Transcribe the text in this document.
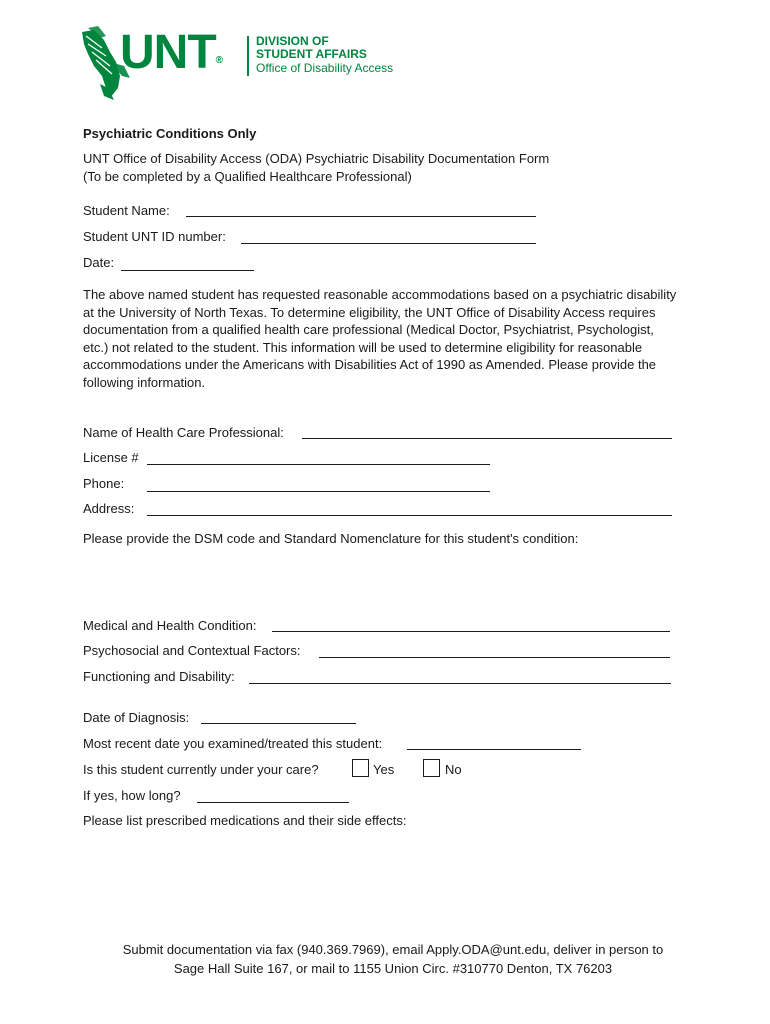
UNT®
DIVISION OF
STUDENT AFFAIRS
Office of Disability Access
Psychiatric Conditions Only
UNT Office of Disability Access (ODA) Psychiatric Disability Documentation Form
(To be completed by a Qualified Healthcare Professional)
Student Name:
Student UNT ID number:
Date:
The above named student has requested reasonable accommodations based on a psychiatric disability at the University of North Texas. To determine eligibility, the UNT Office of Disability Access requires documentation from a qualified health care professional (Medical Doctor, Psychiatrist, Psychologist, etc.) not related to the student. This information will be used to determine eligibility for reasonable accommodations under the Americans with Disabilities Act of 1990 as Amended. Please provide the following information.
Name of Health Care Professional:
License #
Phone:
Address:
Please provide the DSM code and Standard Nomenclature for this student's condition:
Medical and Health Condition:
Psychosocial and Contextual Factors:
Functioning and Disability:
Date of Diagnosis:
Most recent date you examined/treated this student:
Is this student currently under your care?	Yes	No
If yes, how long?
Please list prescribed medications and their side effects:
Submit documentation via fax (940.369.7969), email Apply.ODA@unt.edu, deliver in person to
Sage Hall Suite 167, or mail to 1155 Union Circ. #310770 Denton, TX 76203
